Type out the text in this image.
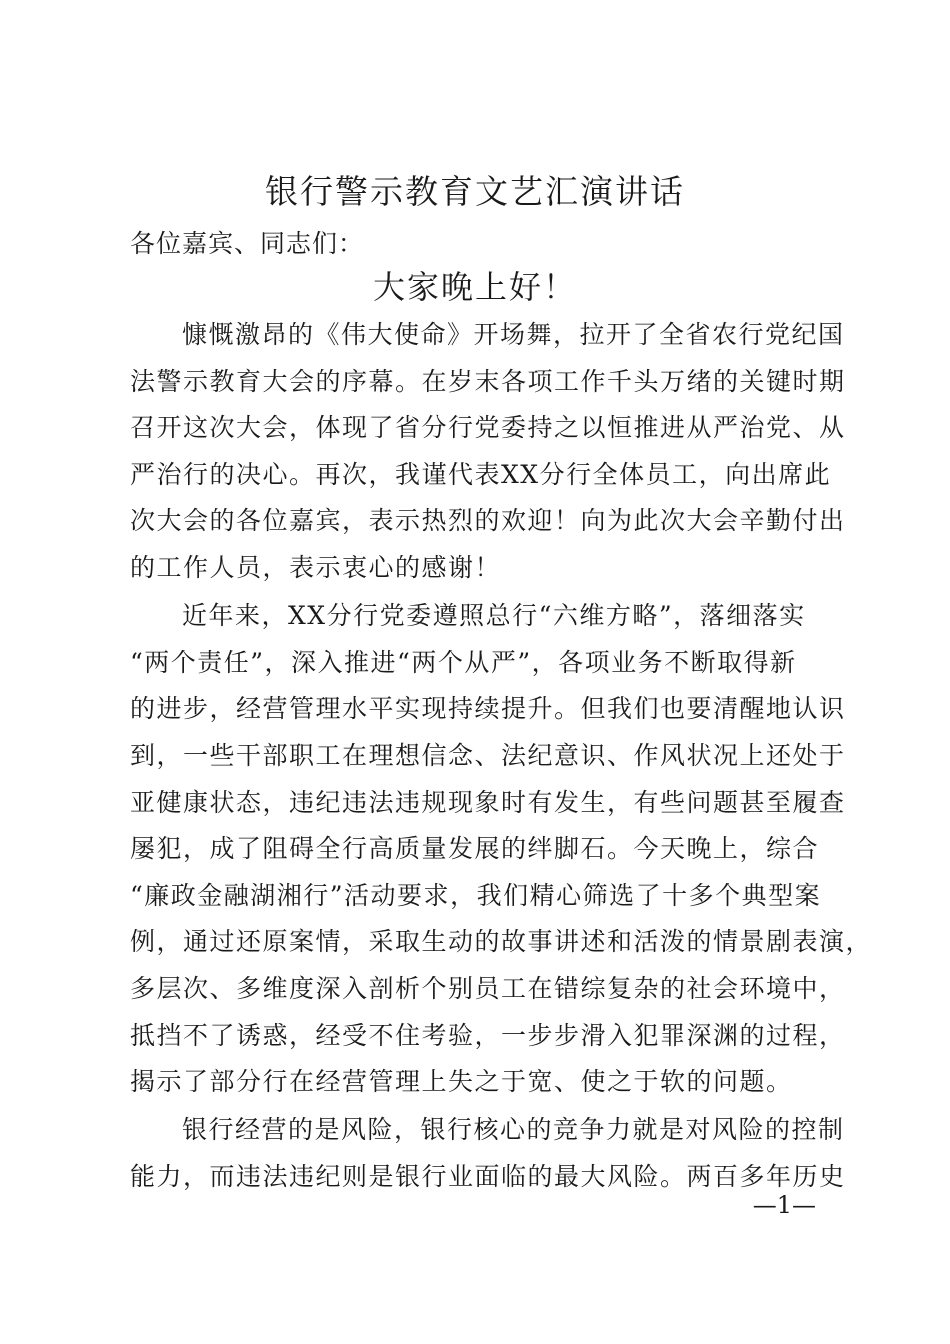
银行警示教育文艺汇演讲话
各位嘉宾、同志们：
大家晚上好！
慷慨激昂的《伟大使命》开场舞，拉开了全省农行党纪国
法警示教育大会的序幕。在岁末各项工作千头万绪的关键时期
召开这次大会，体现了省分行党委持之以恒推进从严治党、从
严治行的决心。再次，我谨代表XX分行全体员工，向出席此
次大会的各位嘉宾，表示热烈的欢迎！向为此次大会辛勤付出
的工作人员，表示衷心的感谢！
近年来，XX分行党委遵照总行“六维方略”，落细落实
“两个责任”，深入推进“两个从严”，各项业务不断取得新
的进步，经营管理水平实现持续提升。但我们也要清醒地认识
到，一些干部职工在理想信念、法纪意识、作风状况上还处于
亚健康状态，违纪违法违规现象时有发生，有些问题甚至履查
屡犯，成了阻碍全行高质量发展的绊脚石。今天晚上，综合
“廉政金融湖湘行”活动要求，我们精心筛选了十多个典型案
例，通过还原案情，采取生动的故事讲述和活泼的情景剧表演，
多层次、多维度深入剖析个别员工在错综复杂的社会环境中，
抵挡不了诱惑，经受不住考验，一步步滑入犯罪深渊的过程，
揭示了部分行在经营管理上失之于宽、使之于软的问题。
银行经营的是风险，银行核心的竞争力就是对风险的控制
能力，而违法违纪则是银行业面临的最大风险。两百多年历史
—1—
